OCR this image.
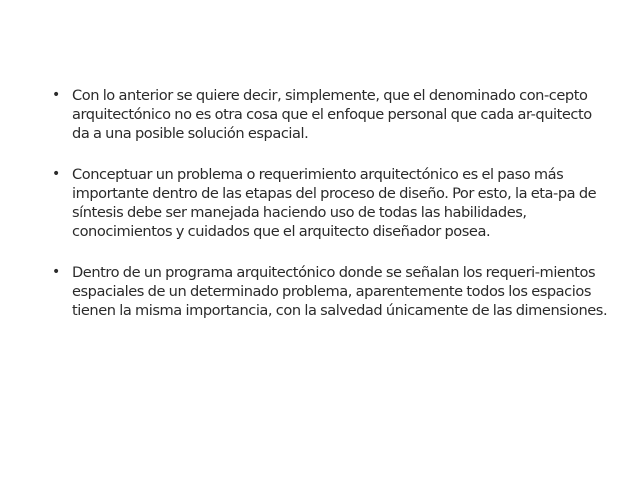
• Con lo anterior se quiere decir, simplemente, que el denominado con-cepto arquitectónico no es otra cosa que el enfoque personal que cada ar-quitecto da a una posible solución espacial.
• Conceptuar un problema o requerimiento arquitectónico es el paso más importante dentro de las etapas del proceso de diseño. Por esto, la eta-pa de síntesis debe ser manejada haciendo uso de todas las habilidades, conocimientos y cuidados que el arquitecto diseñador posea.
• Dentro de un programa arquitectónico donde se señalan los requeri-mientos espaciales de un determinado problema, aparentemente todos los espacios tienen la misma importancia, con la salvedad únicamente de las dimensiones.
